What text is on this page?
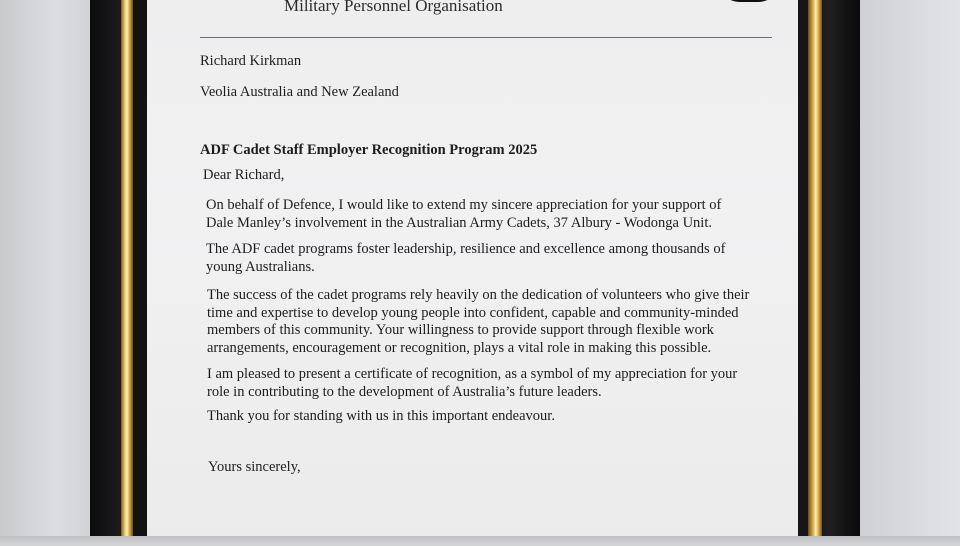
Military Personnel Organisation
Richard Kirkman
Veolia Australia and New Zealand
ADF Cadet Staff Employer Recognition Program 2025
Dear Richard,
On behalf of Defence, I would like to extend my sincere appreciation for your support of
Dale Manley’s involvement in the Australian Army Cadets, 37 Albury - Wodonga Unit.
The ADF cadet programs foster leadership, resilience and excellence among thousands of
young Australians.
The success of the cadet programs rely heavily on the dedication of volunteers who give their
time and expertise to develop young people into confident, capable and community-minded
members of this community. Your willingness to provide support through flexible work
arrangements, encouragement or recognition, plays a vital role in making this possible.
I am pleased to present a certificate of recognition, as a symbol of my appreciation for your
role in contributing to the development of Australia’s future leaders.
Thank you for standing with us in this important endeavour.
Yours sincerely,
